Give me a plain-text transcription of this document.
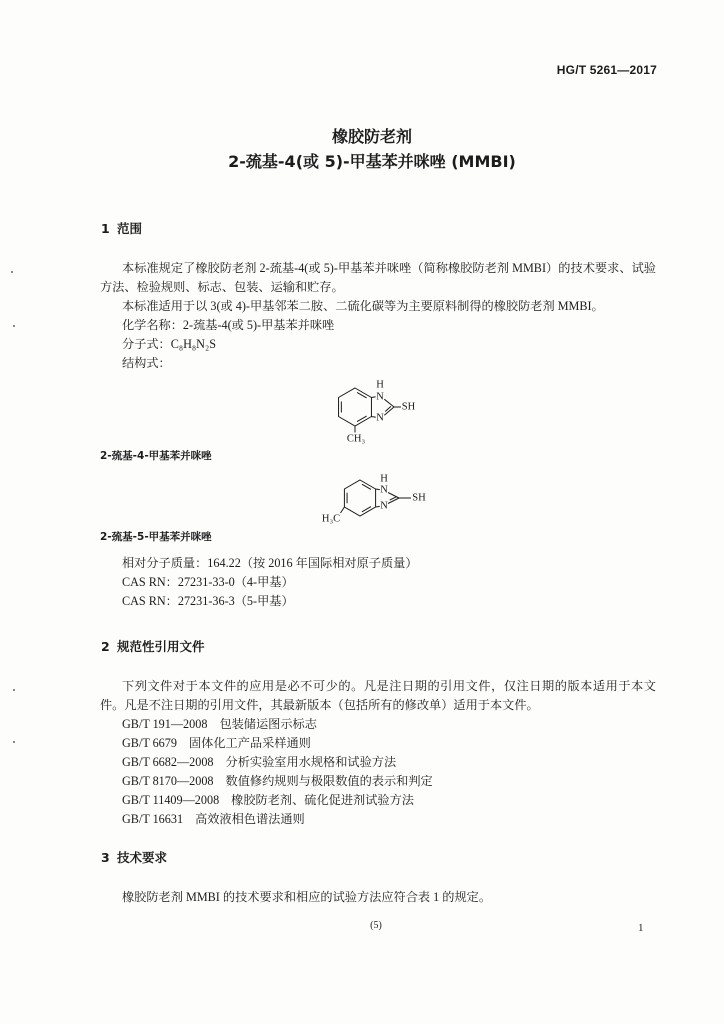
HG/T 5261—2017
橡胶防老剂
2-巯基-4(或 5)-甲基苯并咪唑 (MMBI)
1 范围

本标准规定了橡胶防老剂 2-巯基-4(或 5)-甲基苯并咪唑（简称橡胶防老剂 MMBI）的技术要求、试验方法、检验规则、标志、包装、运输和贮存。

本标准适用于以 3(或 4)-甲基邻苯二胺、二硫化碳等为主要原料制得的橡胶防老剂 MMBI。

化学名称：2-巯基-4(或 5)-甲基苯并咪唑

分子式：C₈H₈N₂S

结构式：

H
N
SH
N
CH₃

2-巯基-4-甲基苯并咪唑

H
N
SH
N
H₃C

2-巯基-5-甲基苯并咪唑

相对分子质量：164.22（按 2016 年国际相对原子质量）

CAS RN：27231-33-0（4-甲基）

CAS RN：27231-36-3（5-甲基）

2 规范性引用文件

下列文件对于本文件的应用是必不可少的。凡是注日期的引用文件，仅注日期的版本适用于本文件。凡是不注日期的引用文件，其最新版本（包括所有的修改单）适用于本文件。

GB/T 191—2008 包装储运图示标志

GB/T 6679 固体化工产品采样通则

GB/T 6682—2008 分析实验室用水规格和试验方法

GB/T 8170—2008 数值修约规则与极限数值的表示和判定

GB/T 11409—2008 橡胶防老剂、硫化促进剂试验方法

GB/T 16631 高效液相色谱法通则

3 技术要求

橡胶防老剂 MMBI 的技术要求和相应的试验方法应符合表 1 的规定。

(5)	1
